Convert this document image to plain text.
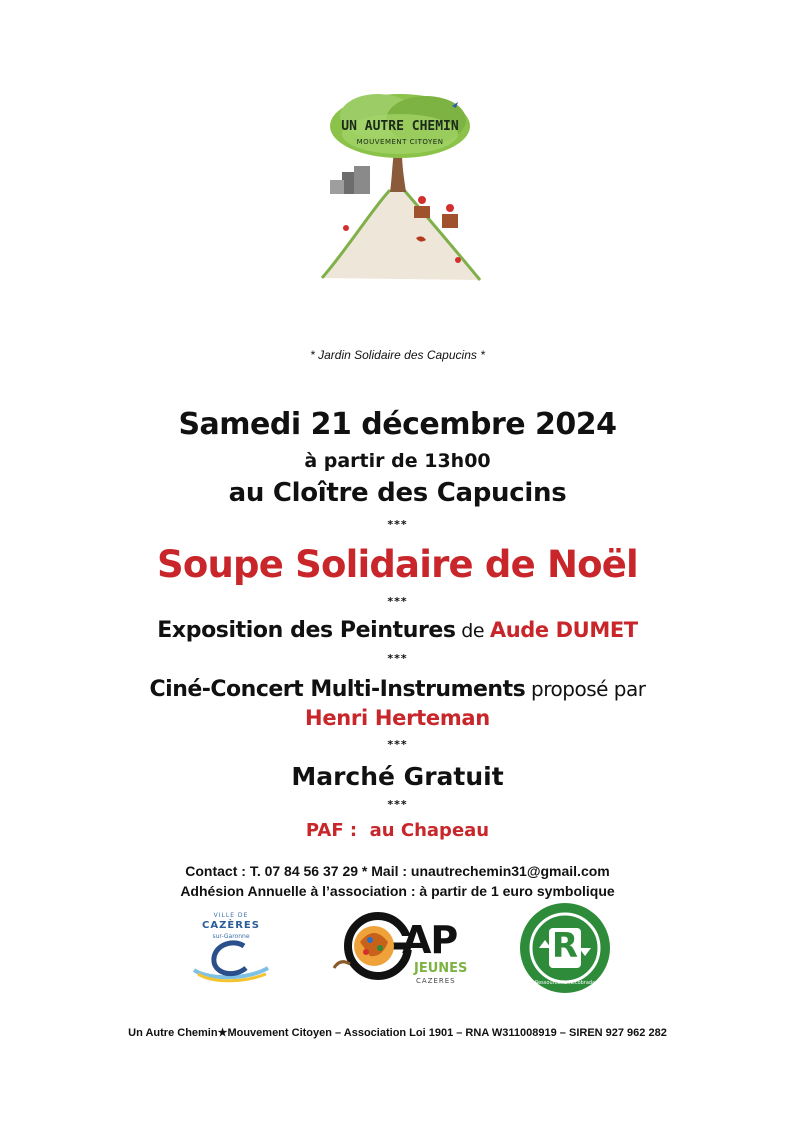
UN AUTRE CHEMIN
MOUVEMENT CITOYEN
* Jardin Solidaire des Capucins *
Samedi 21 décembre 2024
à partir de 13h00
au Cloître des Capucins
***
Soupe Solidaire de Noël
***
Exposition des Peintures de Aude DUMET
***
Ciné-Concert Multi-Instruments proposé par
Henri Herteman
***
Marché Gratuit
***
PAF :  au Chapeau
Contact : T. 07 84 56 37 29 * Mail : unautrechemin31@gmail.com
Adhésion Annuelle à l’association : à partir de 1 euro symbolique
VILLE DE
CAZÈRES
sur-Garonne	AP
JEUNES
CAZERES
R
Ressourcerie Recobrada
Un Autre Chemin★Mouvement Citoyen – Association Loi 1901 – RNA W311008919 – SIREN 927 962 282
